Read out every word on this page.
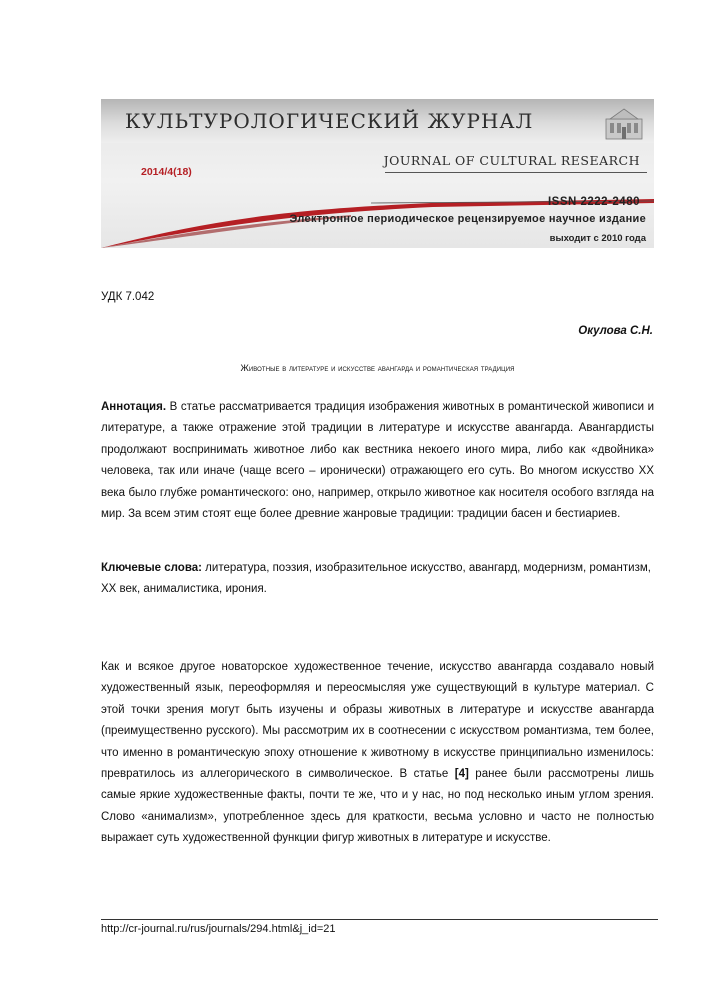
КУЛЬТУРОЛОГИЧЕСКИЙ ЖУРНАЛ
2014/4(18)
JOURNAL OF CULTURAL RESEARCH
ISSN 2222-2480
Электронное периодическое рецензируемое научное издание
выходит с 2010 года
УДК 7.042
Окулова С.Н.
Животные в литературе и искусстве авангарда и романтическая традиция

Аннотация. В статье рассматривается традиция изображения животных в романтической живописи и литературе, а также отражение этой традиции в литературе и искусстве авангарда. Авангардисты продолжают воспринимать животное либо как вестника некоего иного мира, либо как «двойника» человека, так или иначе (чаще всего – иронически) отражающего его суть. Во многом искусство XX века было глубже романтического: оно, например, открыло животное как носителя особого взгляда на мир. За всем этим стоят еще более древние жанровые традиции: традиции басен и бестиариев.

Ключевые слова: литература, поэзия, изобразительное искусство, авангард, модернизм, романтизм, XX век, анималистика, ирония.

Как и всякое другое новаторское художественное течение, искусство авангарда создавало новый художественный язык, переоформляя и переосмысляя уже существующий в культуре материал. С этой точки зрения могут быть изучены и образы животных в литературе и искусстве авангарда (преимущественно русского). Мы рассмотрим их в соотнесении с искусством романтизма, тем более, что именно в романтическую эпоху отношение к животному в искусстве принципиально изменилось: превратилось из аллегорического в символическое. В статье [4] ранее были рассмотрены лишь самые яркие художественные факты, почти те же, что и у нас, но под несколько иным углом зрения. Слово «анимализм», употребленное здесь для краткости, весьма условно и часто не полностью выражает суть художественной функции фигур животных в литературе и искусстве.

http://cr-journal.ru/rus/journals/294.html&j_id=21
